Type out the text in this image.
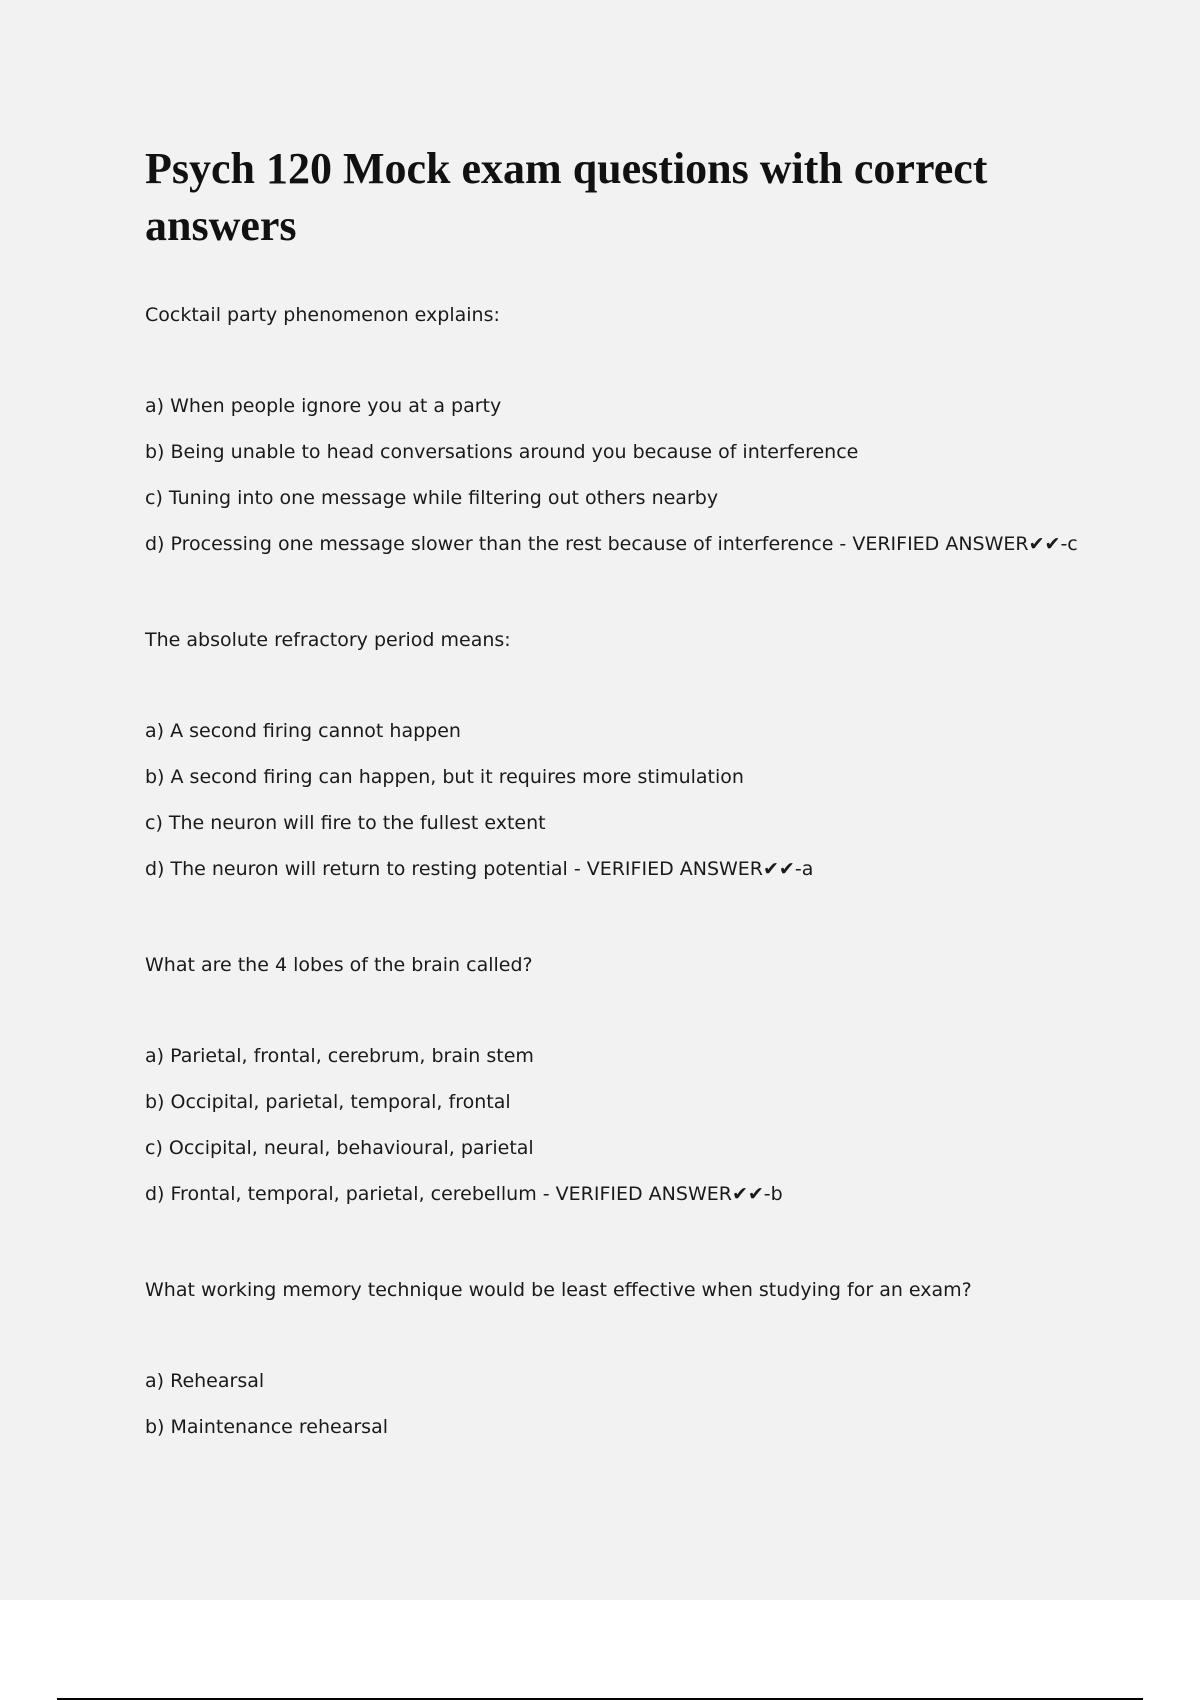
Psych 120 Mock exam questions with correct answers

Cocktail party phenomenon explains:

a) When people ignore you at a party

b) Being unable to head conversations around you because of interference

c) Tuning into one message while filtering out others nearby

d) Processing one message slower than the rest because of interference - VERIFIED ANSWER✔✔-c

The absolute refractory period means:

a) A second firing cannot happen

b) A second firing can happen, but it requires more stimulation

c) The neuron will fire to the fullest extent

d) The neuron will return to resting potential - VERIFIED ANSWER✔✔-a

What are the 4 lobes of the brain called?

a) Parietal, frontal, cerebrum, brain stem

b) Occipital, parietal, temporal, frontal

c) Occipital, neural, behavioural, parietal

d) Frontal, temporal, parietal, cerebellum - VERIFIED ANSWER✔✔-b

What working memory technique would be least effective when studying for an exam?

a) Rehearsal

b) Maintenance rehearsal
